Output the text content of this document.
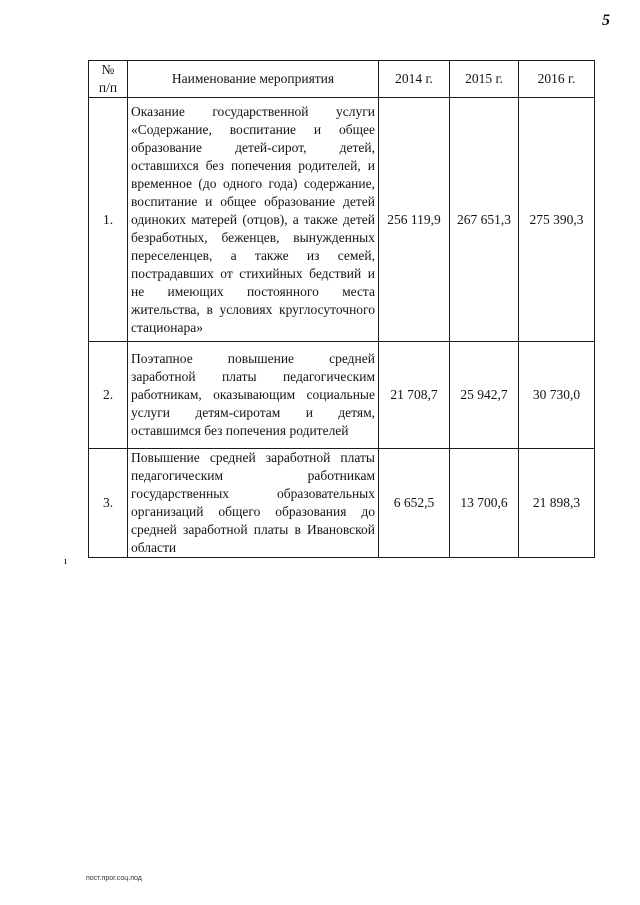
5
№
п/п	Наименование мероприятия	2014 г.	2015 г.	2016 г.
1.	Оказание государственной услуги «Содержание, воспитание и общее образование детей-сирот, детей, оставшихся без попечения родителей, и временное (до одного года) содержание, воспитание и общее образование детей одиноких матерей (отцов), а также детей безработных, беженцев, вынужденных переселенцев, а также из семей, пострадавших от стихийных бедствий и не имеющих постоянного места жительства, в условиях круглосуточного стационара»	256 119,9	267 651,3	275 390,3
2.	Поэтапное повышение средней заработной платы педагогическим работникам, оказывающим социальные услуги детям-сиротам и детям, оставшимся без попечения родителей	21 708,7	25 942,7	30 730,0
3.	Повышение средней заработной платы педагогическим работникам государственных образовательных организаций общего образования до средней заработной платы в Ивановской области	6 652,5	13 700,6	21 898,3
ı
пост.прог.соц.под
